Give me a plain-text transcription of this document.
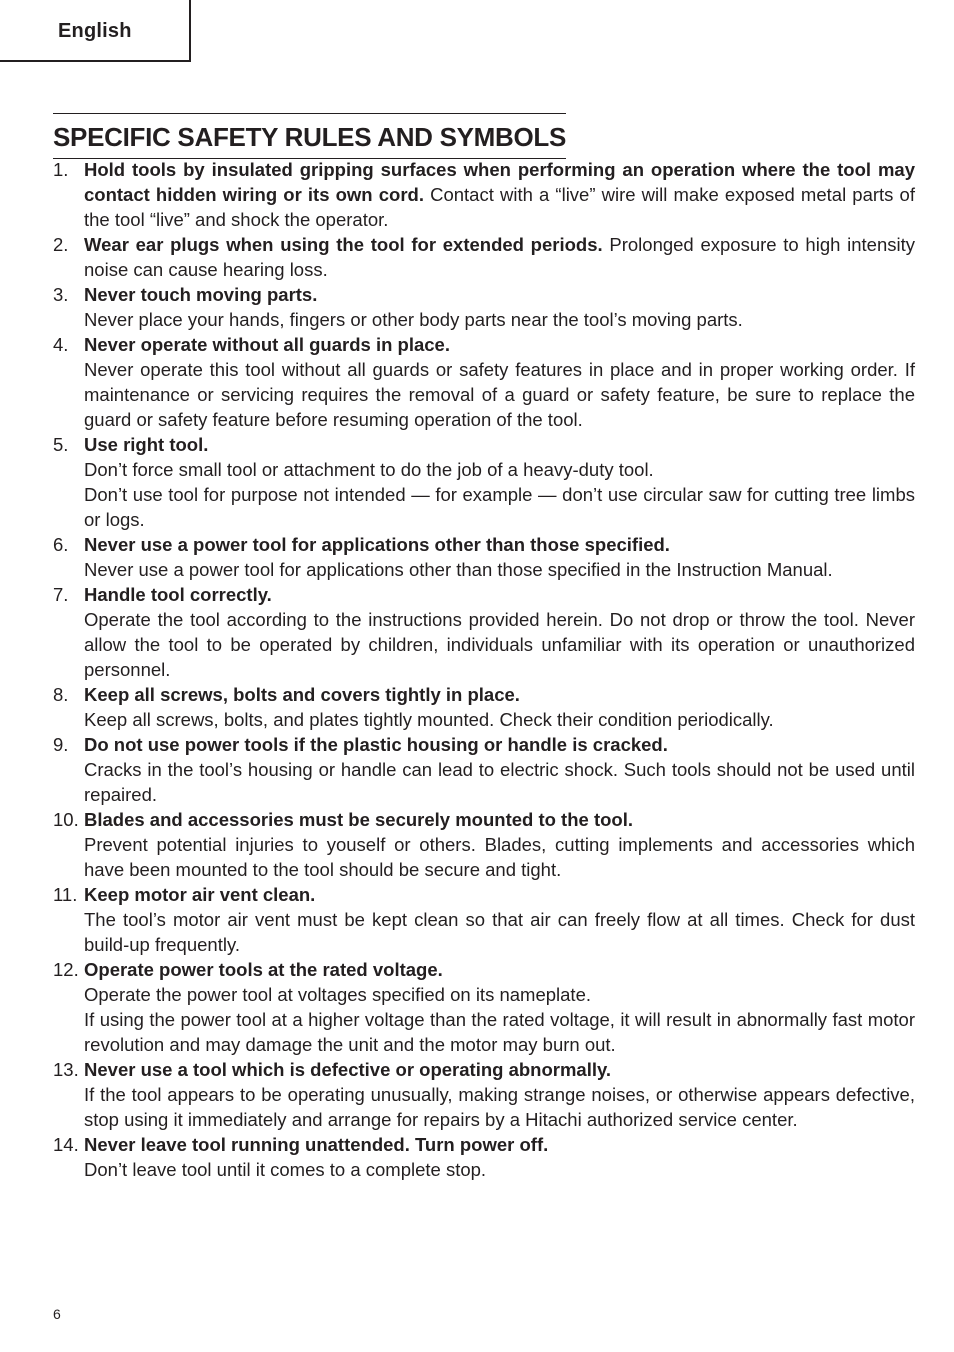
English
SPECIFIC SAFETY RULES AND SYMBOLS
1. Hold tools by insulated gripping surfaces when performing an operation where the tool may contact hidden wiring or its own cord. Contact with a “live” wire will make exposed metal parts of the tool “live” and shock the operator.

2. Wear ear plugs when using the tool for extended periods. Prolonged exposure to high intensity noise can cause hearing loss.

3. Never touch moving parts.

Never place your hands, fingers or other body parts near the tool’s moving parts.

4. Never operate without all guards in place.

Never operate this tool without all guards or safety features in place and in proper working order. If maintenance or servicing requires the removal of a guard or safety feature, be sure to replace the guard or safety feature before resuming operation of the tool.

5. Use right tool.

Don’t force small tool or attachment to do the job of a heavy-duty tool.

Don’t use tool for purpose not intended — for example — don’t use circular saw for cutting tree limbs or logs.

6. Never use a power tool for applications other than those specified.

Never use a power tool for applications other than those specified in the Instruction Manual.

7. Handle tool correctly.

Operate the tool according to the instructions provided herein. Do not drop or throw the tool. Never allow the tool to be operated by children, individuals unfamiliar with its operation or unauthorized personnel.

8. Keep all screws, bolts and covers tightly in place.

Keep all screws, bolts, and plates tightly mounted. Check their condition periodically.

9. Do not use power tools if the plastic housing or handle is cracked.

Cracks in the tool’s housing or handle can lead to electric shock. Such tools should not be used until repaired.

10. Blades and accessories must be securely mounted to the tool.

Prevent potential injuries to youself or others. Blades, cutting implements and accessories which have been mounted to the tool should be secure and tight.

11. Keep motor air vent clean.

The tool’s motor air vent must be kept clean so that air can freely flow at all times. Check for dust build-up frequently.

12. Operate power tools at the rated voltage.

Operate the power tool at voltages specified on its nameplate.

If using the power tool at a higher voltage than the rated voltage, it will result in abnormally fast motor revolution and may damage the unit and the motor may burn out.

13. Never use a tool which is defective or operating abnormally.

If the tool appears to be operating unusually, making strange noises, or otherwise appears defective, stop using it immediately and arrange for repairs by a Hitachi authorized service center.

14. Never leave tool running unattended. Turn power off.

Don’t leave tool until it comes to a complete stop.

6
